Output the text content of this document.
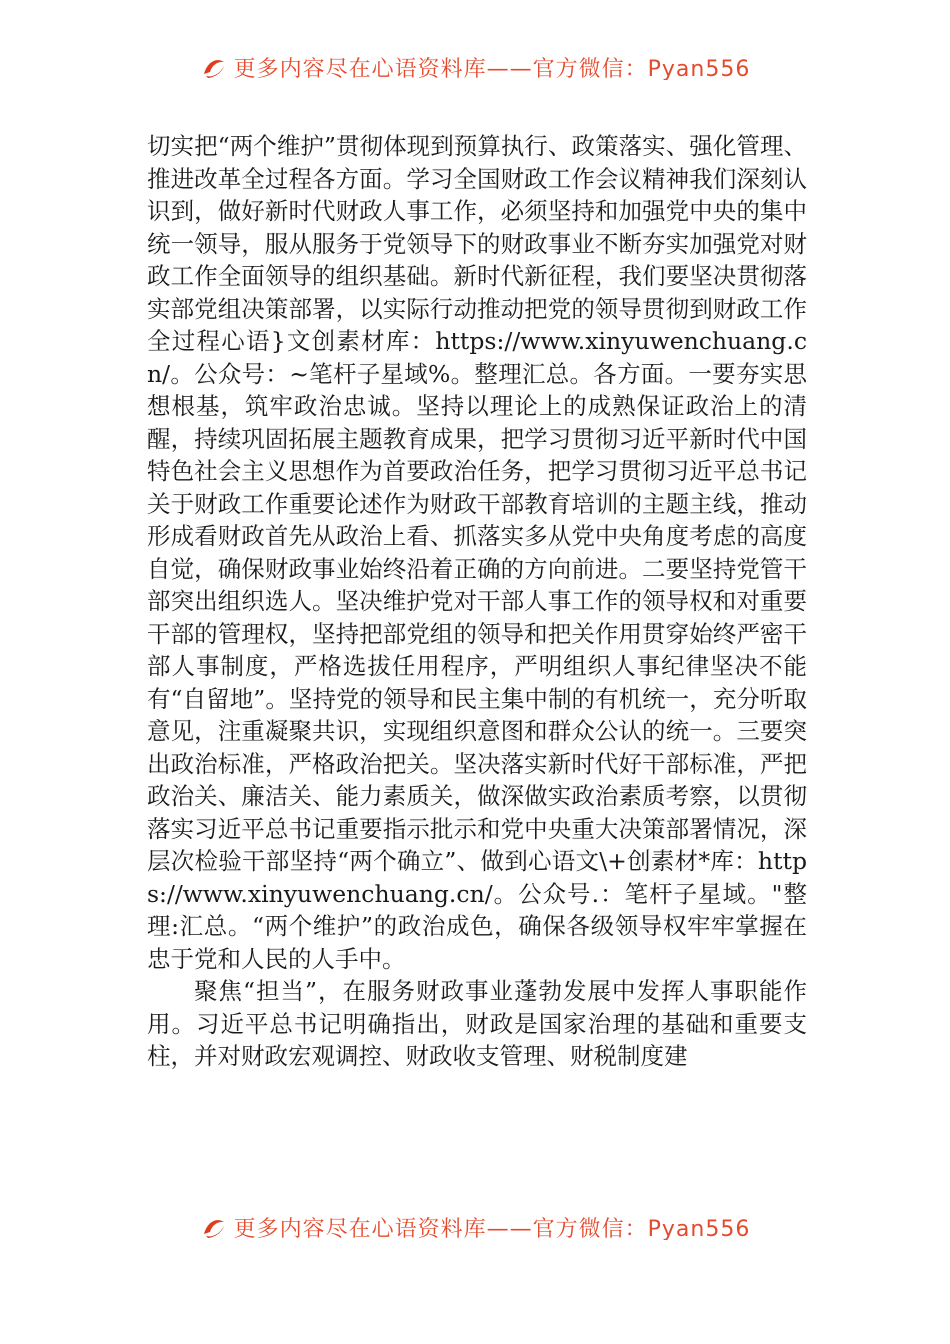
更多内容尽在心语资料库——官方微信：Pyan556

切实把“两个维护”贯彻体现到预算执行、政策落实、强化管理、推进改革全过程各方面。学习全国财政工作会议精神我们深刻认识到，做好新时代财政人事工作，必须坚持和加强党中央的集中统一领导，服从服务于党领导下的财政事业不断夯实加强党对财政工作全面领导的组织基础。新时代新征程，我们要坚决贯彻落实部党组决策部署，以实际行动推动把党的领导贯彻到财政工作全过程心语}文创素材库：https://www.xinyuwenchuang.cn/。公众号：~笔杆子星域%。整理汇总。各方面。一要夯实思想根基，筑牢政治忠诚。坚持以理论上的成熟保证政治上的清醒，持续巩固拓展主题教育成果，把学习贯彻习近平新时代中国特色社会主义思想作为首要政治任务，把学习贯彻习近平总书记关于财政工作重要论述作为财政干部教育培训的主题主线，推动形成看财政首先从政治上看、抓落实多从党中央角度考虑的高度自觉，确保财政事业始终沿着正确的方向前进。二要坚持党管干部突出组织选人。坚决维护党对干部人事工作的领导权和对重要干部的管理权，坚持把部党组的领导和把关作用贯穿始终严密干部人事制度，严格选拔任用程序，严明组织人事纪律坚决不能有“自留地”。坚持党的领导和民主集中制的有机统一，充分听取意见，注重凝聚共识，实现组织意图和群众公认的统一。三要突出政治标准，严格政治把关。坚决落实新时代好干部标准，严把政治关、廉洁关、能力素质关，做深做实政治素质考察，以贯彻落实习近平总书记重要指示批示和党中央重大决策部署情况，深层次检验干部坚持“两个确立”、做到心语文\+创素材*库：https://www.xinyuwenchuang.cn/。公众号.：笔杆子星域。"整理:汇总。“两个维护”的政治成色，确保各级领导权牢牢掌握在忠于党和人民的人手中。

聚焦“担当”，在服务财政事业蓬勃发展中发挥人事职能作用。习近平总书记明确指出，财政是国家治理的基础和重要支柱，并对财政宏观调控、财政收支管理、财税制度建

更多内容尽在心语资料库——官方微信：Pyan556
